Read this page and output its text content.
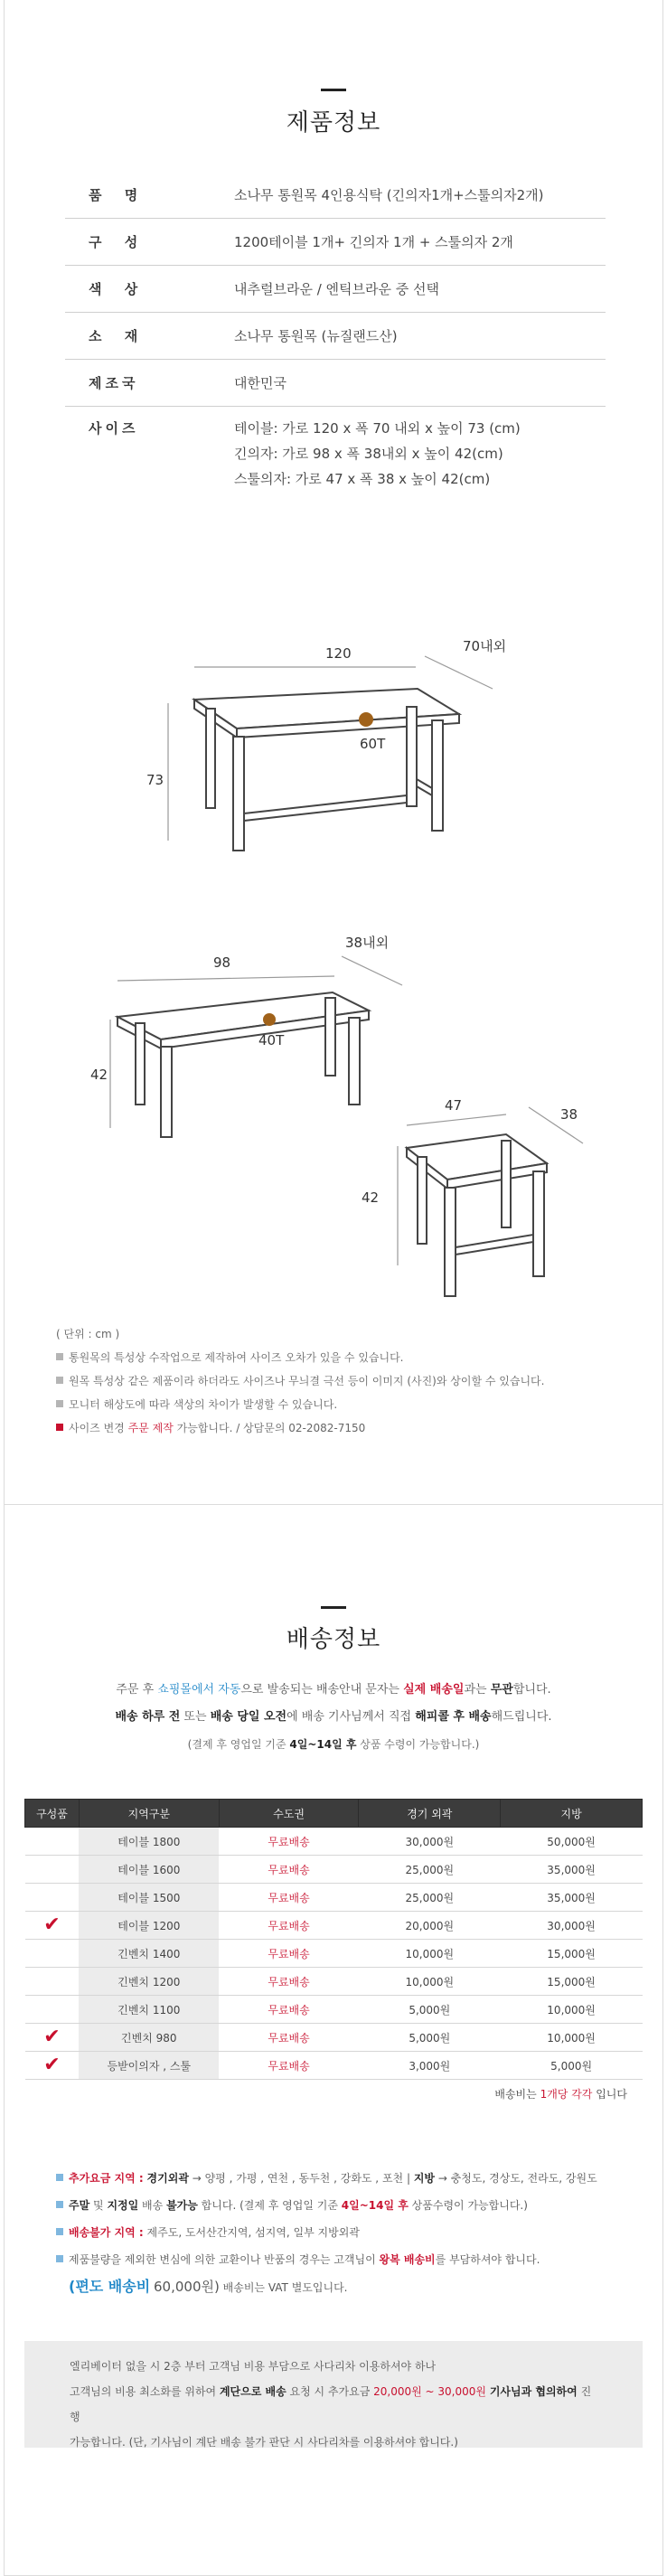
제품정보
품 명	소나무 통원목 4인용식탁 (긴의자1개+스툴의자2개)
구 성	1200테이블 1개+ 긴의자 1개 + 스툴의자 2개
색 상	내추럴브라운 / 엔틱브라운 중 선택
소 재	소나무 통원목 (뉴질랜드산)
제조국	대한민국
사이즈	테이블: 가로 120 x 폭 70 내외 x 높이 73 (cm)
긴의자: 가로 98 x 폭 38내외 x 높이 42(cm)
스툴의자: 가로 47 x 폭 38 x 높이 42(cm)
120	70내외
73
60T
98
38내외
42
40T
47
38
42
( 단위 : cm )
통원목의 특성상 수작업으로 제작하여 사이즈 오차가 있을 수 있습니다.
원목 특성상 같은 제품이라 하더라도 사이즈나 무늬결 극선 등이 이미지 (사진)와 상이할 수 있습니다.
모니터 해상도에 따라 색상의 차이가 발생할 수 있습니다.
사이즈 변경 주문 제작 가능합니다. / 상담문의 02-2082-7150
배송정보
주문 후 쇼핑몰에서 자동으로 발송되는 배송안내 문자는 실제 배송일과는 무관합니다.
배송 하루 전 또는 배송 당일 오전에 배송 기사님께서 직접 해피콜 후 배송해드립니다.
(결제 후 영업일 기준 4일~14일 후 상품 수령이 가능합니다.)
구성품	지역구분	수도권	경기 외곽	지방
	테이블 1800	무료배송	30,000원	50,000원
	테이블 1600	무료배송	25,000원	35,000원
	테이블 1500	무료배송	25,000원	35,000원
✔	테이블 1200	무료배송	20,000원	30,000원
	긴벤치 1400	무료배송	10,000원	15,000원
	긴벤치 1200	무료배송	10,000원	15,000원
	긴벤치 1100	무료배송	5,000원	10,000원
✔	긴벤치 980	무료배송	5,000원	10,000원
✔	등받이의자 , 스툴	무료배송	3,000원	5,000원
배송비는 1개당 각각 입니다
추가요금 지역 : 경기외곽 → 양평 , 가평 , 연천 , 동두천 , 강화도 , 포천 | 지방 → 충청도, 경상도, 전라도, 강원도
주말 및 지정일 배송 불가능 합니다. (결제 후 영업일 기준 4일~14일 후 상품수령이 가능합니다.)
배송불가 지역 : 제주도, 도서산간지역, 섬지역, 일부 지방외곽
제품불량을 제외한 변심에 의한 교환이나 반품의 경우는 고객님이 왕복 배송비를 부담하셔야 합니다.
(편도 배송비 60,000원) 배송비는 VAT 별도입니다.
엘리베이터 없을 시 2층 부터 고객님 비용 부담으로 사다리차 이용하셔야 하나
고객님의 비용 최소화를 위하여 계단으로 배송 요청 시 추가요금 20,000원 ~ 30,000원 기사님과 협의하여 진행
가능합니다. (단, 기사님이 계단 배송 불가 판단 시 사다리차를 이용하셔야 합니다.)
